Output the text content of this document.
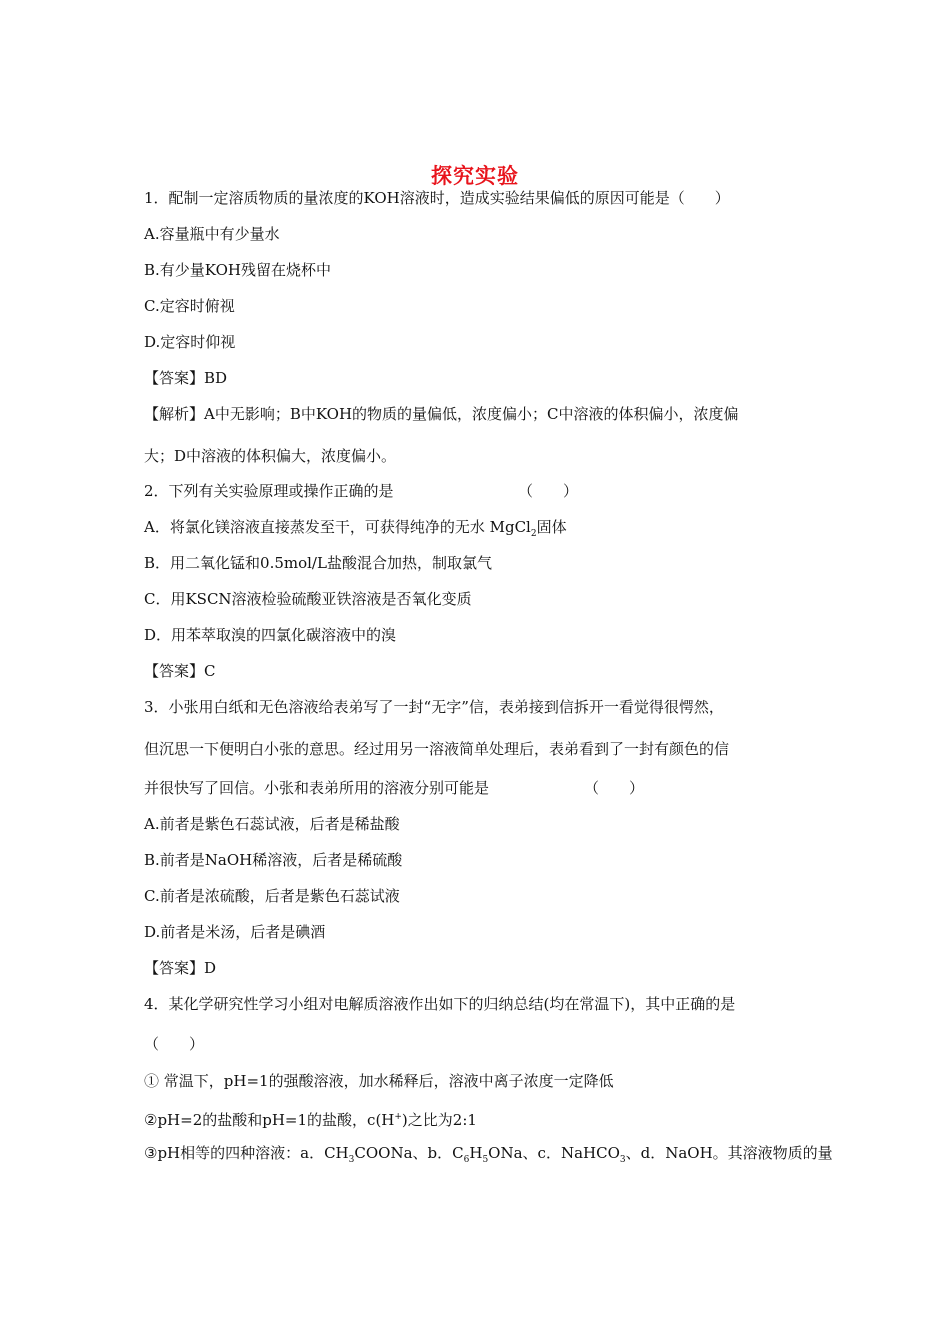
探究实验
1．配制一定溶质物质的量浓度的KOH溶液时，造成实验结果偏低的原因可能是（　　）
A.容量瓶中有少量水
B.有少量KOH残留在烧杯中
C.定容时俯视
D.定容时仰视
【答案】BD
【解析】A中无影响；B中KOH的物质的量偏低，浓度偏小；C中溶液的体积偏小，浓度偏
大；D中溶液的体积偏大，浓度偏小。
2．下列有关实验原理或操作正确的是	（　　）
A．将氯化镁溶液直接蒸发至干，可获得纯净的无水 MgCl$_2$固体
B．用二氧化锰和0.5mol/L盐酸混合加热，制取氯气
C．用KSCN溶液检验硫酸亚铁溶液是否氧化变质
D．用苯萃取溴的四氯化碳溶液中的溴
【答案】C
3．小张用白纸和无色溶液给表弟写了一封“无字”信，表弟接到信拆开一看觉得很愕然，
但沉思一下便明白小张的意思。经过用另一溶液简单处理后，表弟看到了一封有颜色的信
并很快写了回信。小张和表弟所用的溶液分别可能是	（　　）
A.前者是紫色石蕊试液，后者是稀盐酸
B.前者是NaOH稀溶液，后者是稀硫酸
C.前者是浓硫酸，后者是紫色石蕊试液
D.前者是米汤，后者是碘酒
【答案】D
4．某化学研究性学习小组对电解质溶液作出如下的归纳总结(均在常温下)，其中正确的是
（　　）
① 常温下，pH=1的强酸溶液，加水稀释后，溶液中离子浓度一定降低
②pH=2的盐酸和pH=1的盐酸，c(H+)之比为2:1
③pH相等的四种溶液：a．$CH_3COONa$、b．$C_6H_5ONa$、c．NaHCO$_3$、d．NaOH。其溶液物质的量
